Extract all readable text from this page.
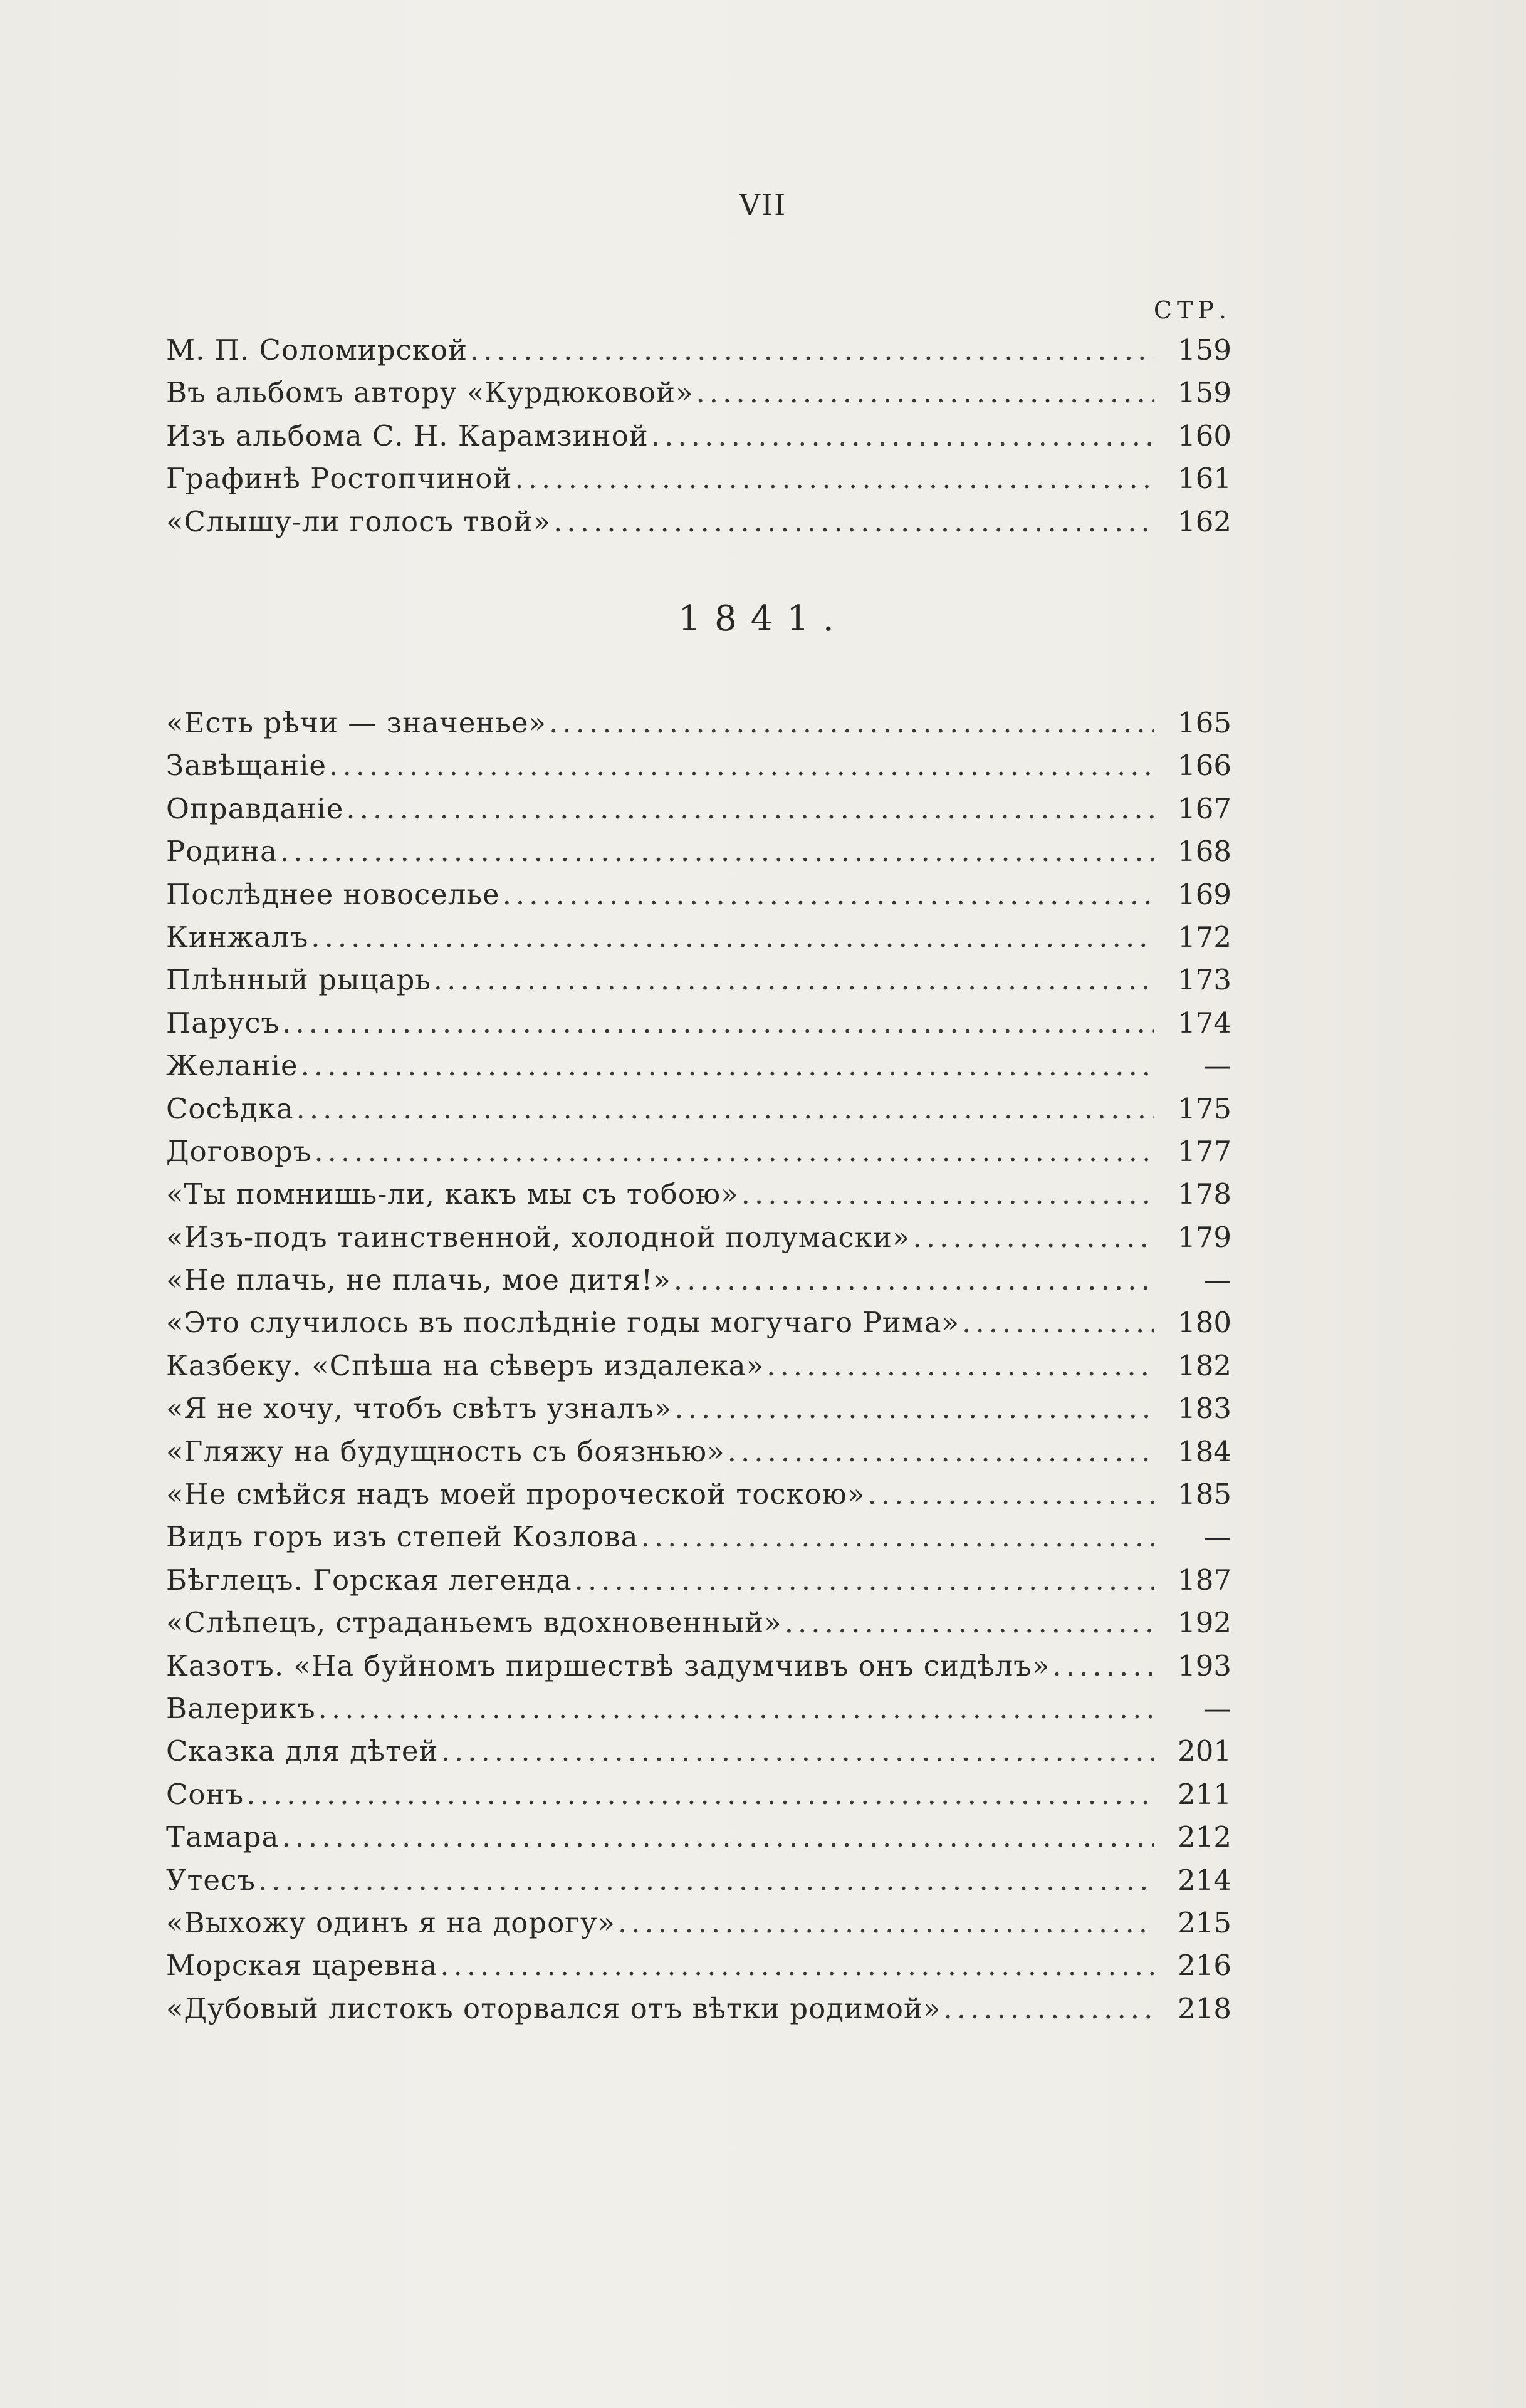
VII
СТР.
М. П. Соломирской .....	159
Въ альбомъ автору «Курдюковой» .....	159
Изъ альбома С. Н. Карамзиной .....	160
Графинѣ Ростопчиной .....	161
«Слышу-ли голосъ твой» .....	162
1841.
«Есть рѣчи — значенье» .....	165
Завѣщаніе .....	166
Оправданіе .....	167
Родина .....	168
Послѣднее новоселье .....	169
Кинжалъ .....	172
Плѣнный рыцарь .....	173
Парусъ .....	174
Желаніе .....	—
Сосѣдка .....	175
Договоръ .....	177
«Ты помнишь-ли, какъ мы съ тобою» .....	178
«Изъ-подъ таинственной, холодной полумаски» .....	179
«Не плачь, не плачь, мое дитя!» .....	—
«Это случилось въ послѣдніе годы могучаго Рима» .....	180
Казбеку. «Спѣша на сѣверъ издалека» .....	182
«Я не хочу, чтобъ свѣтъ узналъ» .....	183
«Гляжу на будущность съ боязнью» .....	184
«Не смѣйся надъ моей пророческой тоскою» .....	185
Видъ горъ изъ степей Козлова .....	—
Бѣглецъ. Горская легенда .....	187
«Слѣпецъ, страданьемъ вдохновенный» .....	192
Казотъ. «На буйномъ пиршествѣ задумчивъ онъ сидѣлъ» .....	193
Валерикъ .....	—
Сказка для дѣтей .....	201
Сонъ .....	211
Тамара .....	212
Утесъ .....	214
«Выхожу одинъ я на дорогу» .....	215
Морская царевна .....	216
«Дубовый листокъ оторвался отъ вѣтки родимой» .....	218
